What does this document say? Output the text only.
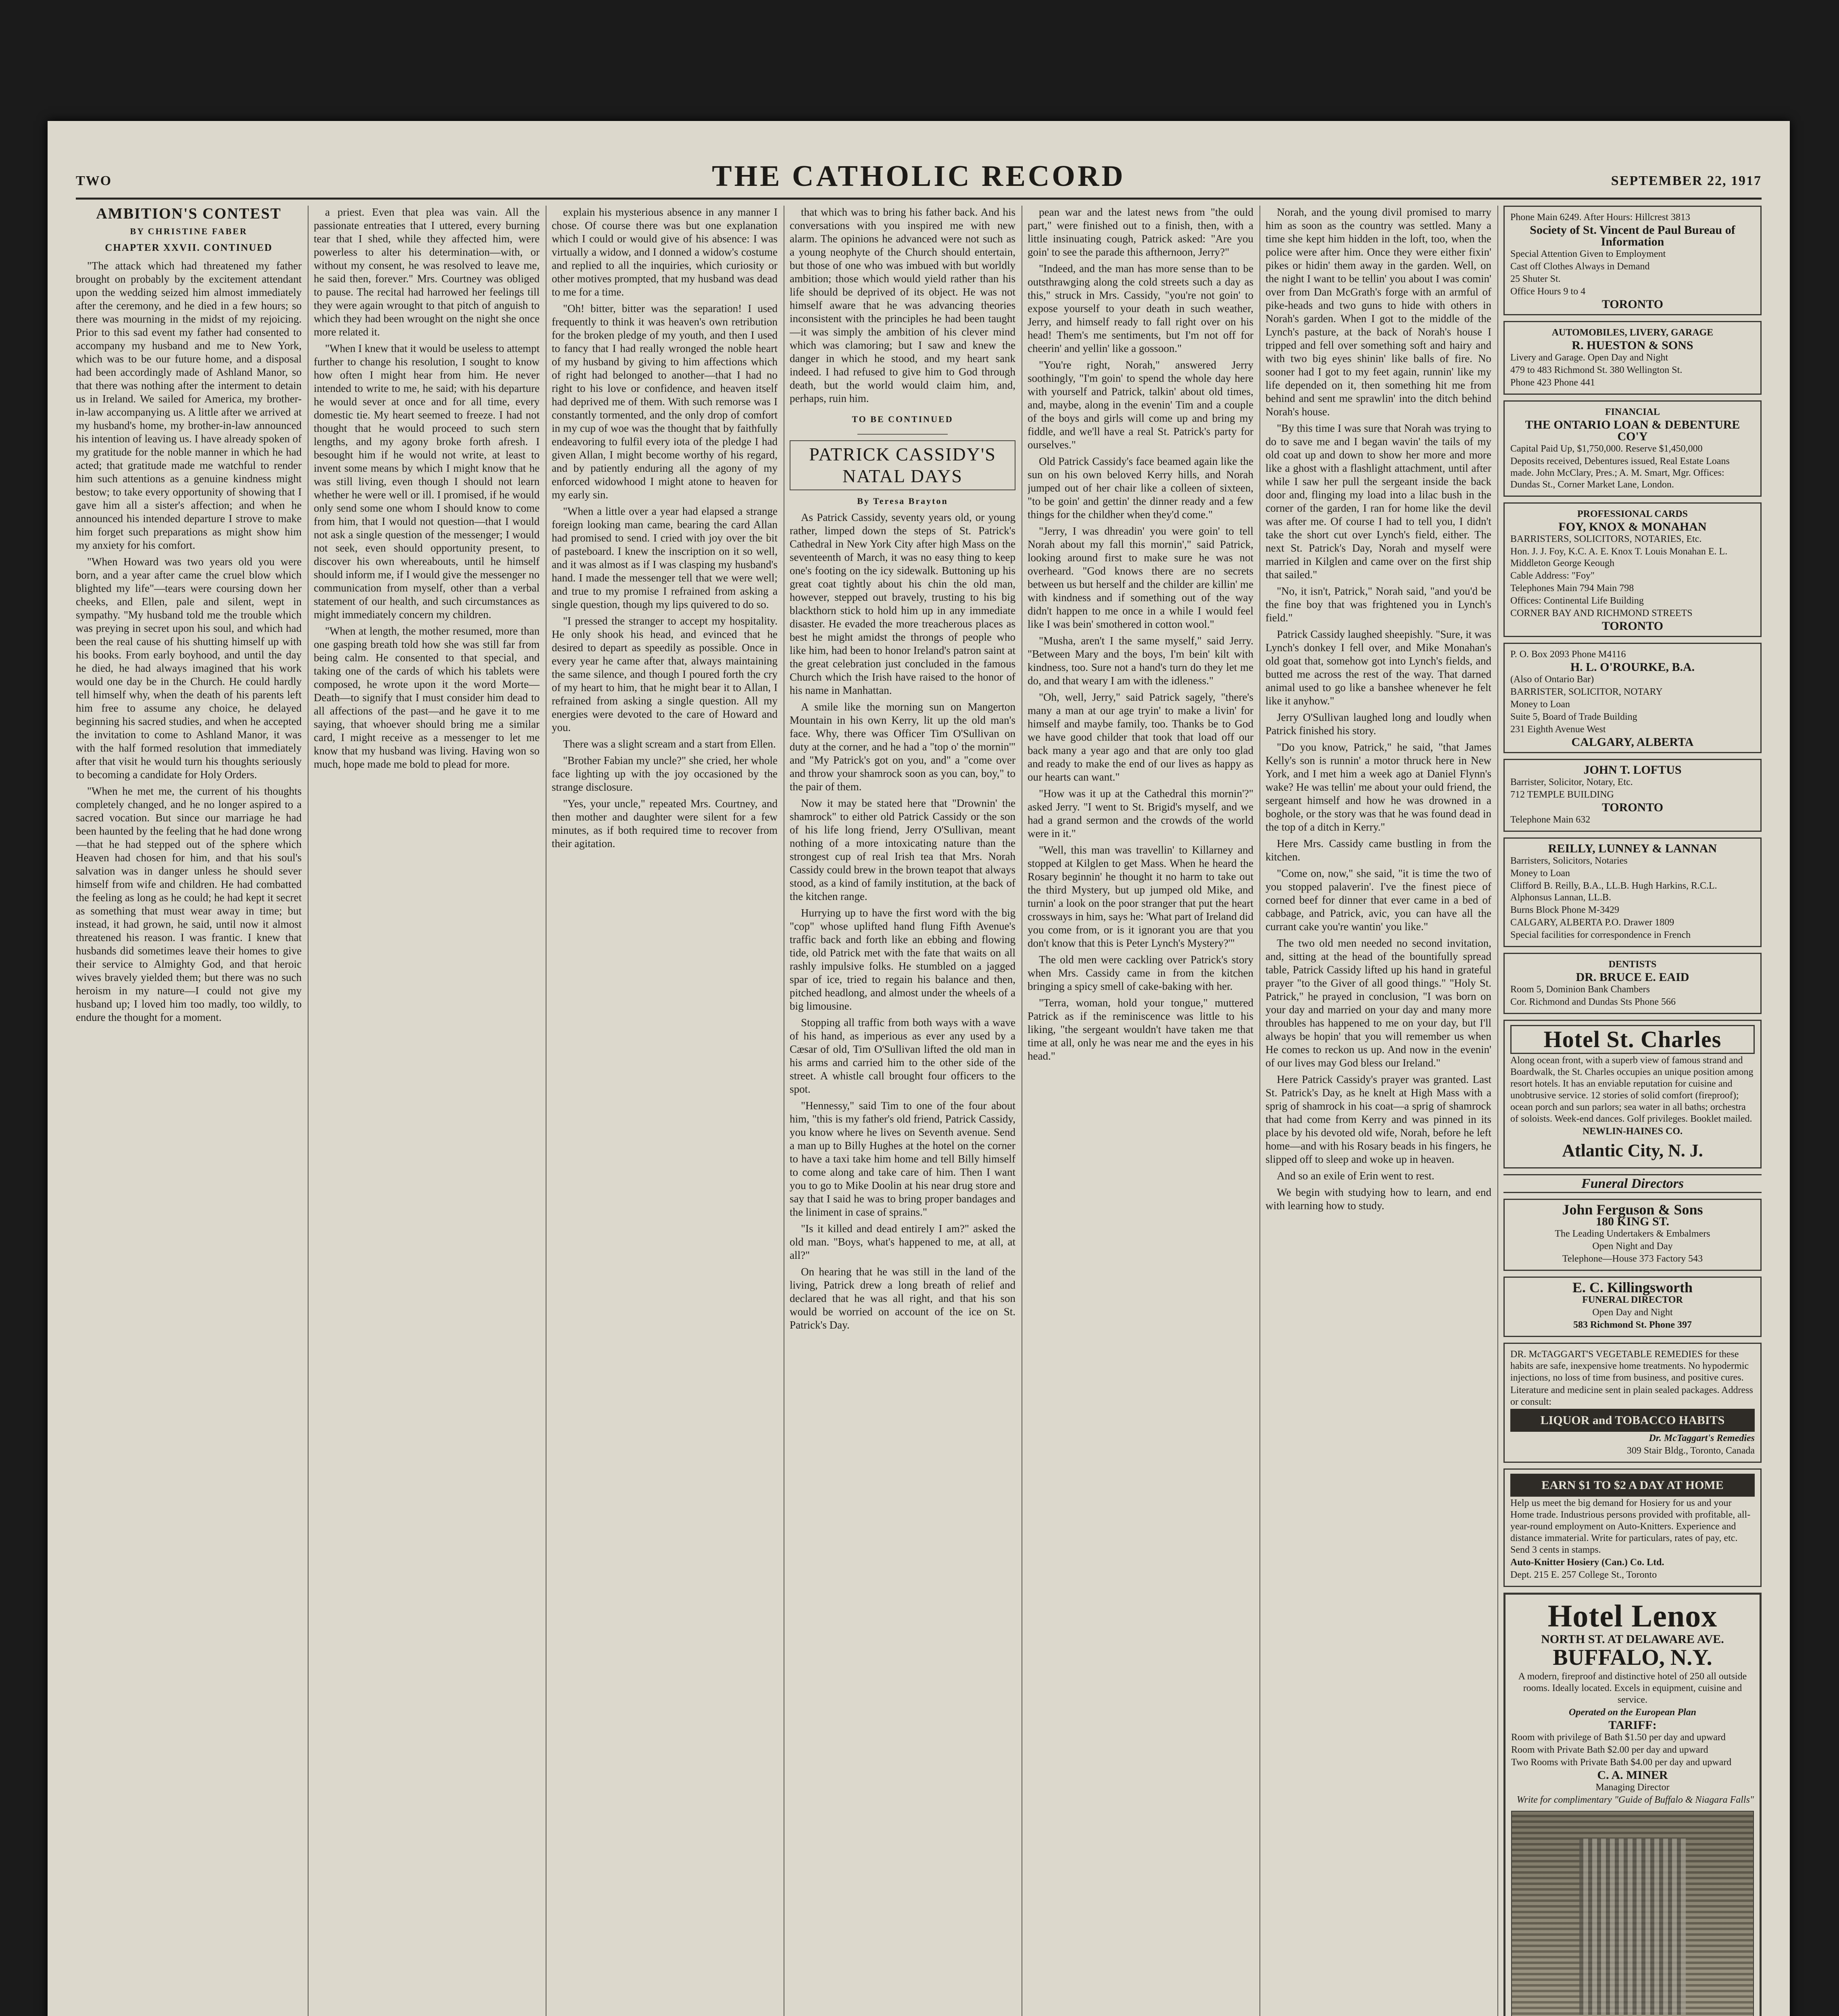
TWO	THE CATHOLIC RECORD	SEPTEMBER 22, 1917
AMBITION'S CONTEST
BY CHRISTINE FABER
CHAPTER XXVII. CONTINUED

"The attack which had threatened my father brought on probably by the excitement attendant upon the wedding seized him almost immediately after the ceremony, and he died in a few hours; so there was mourning in the midst of my rejoicing. Prior to this sad event my father had consented to accompany my husband and me to New York, which was to be our future home, and a disposal had been accordingly made of Ashland Manor, so that there was nothing after the interment to detain us in Ireland. We sailed for America, my brother-in-law accompanying us. A little after we arrived at my husband's home, my brother-in-law announced his intention of leaving us. I have already spoken of my gratitude for the noble manner in which he had acted; that gratitude made me watchful to render him such attentions as a genuine kindness might bestow; to take every opportunity of showing that I gave him all a sister's affection; and when he announced his intended departure I strove to make him forget such preparations as might show him my anxiety for his comfort.

"When Howard was two years old you were born, and a year after came the cruel blow which blighted my life"—tears were coursing down her cheeks, and Ellen, pale and silent, wept in sympathy. "My husband told me the trouble which was preying in secret upon his soul, and which had been the real cause of his shutting himself up with his books. From early boyhood, and until the day he died, he had always imagined that his work would one day be in the Church. He could hardly tell himself why, when the death of his parents left him free to assume any choice, he delayed beginning his sacred studies, and when he accepted the invitation to come to Ashland Manor, it was with the half formed resolution that immediately after that visit he would turn his thoughts seriously to becoming a candidate for Holy Orders.

"When he met me, the current of his thoughts completely changed, and he no longer aspired to a sacred vocation. But since our marriage he had been haunted by the feeling that he had done wrong—that he had stepped out of the sphere which Heaven had chosen for him, and that his soul's salvation was in danger unless he should sever himself from wife and children. He had combatted the feeling as long as he could; he had kept it secret as something that must wear away in time; but instead, it had grown, he said, until now it almost threatened his reason. I was frantic. I knew that husbands did sometimes leave their homes to give their service to Almighty God, and that heroic wives bravely yielded them; but there was no such heroism in my nature—I could not give my husband up; I loved him too madly, too wildly, to endure the thought for a moment.

a priest. Even that plea was vain. All the passionate entreaties that I uttered, every burning tear that I shed, while they affected him, were powerless to alter his determination—with, or without my consent, he was resolved to leave me, he said then, forever." Mrs. Courtney was obliged to pause. The recital had harrowed her feelings till they were again wrought to that pitch of anguish to which they had been wrought on the night she once more related it.

"When I knew that it would be useless to attempt further to change his resolution, I sought to know how often I might hear from him. He never intended to write to me, he said; with his departure he would sever at once and for all time, every domestic tie. My heart seemed to freeze. I had not thought that he would proceed to such stern lengths, and my agony broke forth afresh. I besought him if he would not write, at least to invent some means by which I might know that he was still living, even though I should not learn whether he were well or ill. I promised, if he would only send some one whom I should know to come from him, that I would not question—that I would not ask a single question of the messenger; I would not seek, even should opportunity present, to discover his own whereabouts, until he himself should inform me, if I would give the messenger no communication from myself, other than a verbal statement of our health, and such circumstances as might immediately concern my children.

"When at length, the mother resumed, more than one gasping breath told how she was still far from being calm. He consented to that special, and taking one of the cards of which his tablets were composed, he wrote upon it the word Morte—Death—to signify that I must consider him dead to all affections of the past—and he gave it to me saying, that whoever should bring me a similar card, I might receive as a messenger to let me know that my husband was living. Having won so much, hope made me bold to plead for more.

explain his mysterious absence in any manner I chose. Of course there was but one explanation which I could or would give of his absence: I was virtually a widow, and I donned a widow's costume and replied to all the inquiries, which curiosity or other motives prompted, that my husband was dead to me for a time.

"Oh! bitter, bitter was the separation! I used frequently to think it was heaven's own retribution for the broken pledge of my youth, and then I used to fancy that I had really wronged the noble heart of my husband by giving to him affections which of right had belonged to another—that I had no right to his love or confidence, and heaven itself had deprived me of them. With such remorse was I constantly tormented, and the only drop of comfort in my cup of woe was the thought that by faithfully endeavoring to fulfil every iota of the pledge I had given Allan, I might become worthy of his regard, and by patiently enduring all the agony of my enforced widowhood I might atone to heaven for my early sin.

"When a little over a year had elapsed a strange foreign looking man came, bearing the card Allan had promised to send. I cried with joy over the bit of pasteboard. I knew the inscription on it so well, and it was almost as if I was clasping my husband's hand. I made the messenger tell that we were well; and true to my promise I refrained from asking a single question, though my lips quivered to do so.

"I pressed the stranger to accept my hospitality. He only shook his head, and evinced that he desired to depart as speedily as possible. Once in every year he came after that, always maintaining the same silence, and though I poured forth the cry of my heart to him, that he might bear it to Allan, I refrained from asking a single question. All my energies were devoted to the care of Howard and you.

There was a slight scream and a start from Ellen.

"Brother Fabian my uncle?" she cried, her whole face lighting up with the joy occasioned by the strange disclosure.

"Yes, your uncle," repeated Mrs. Courtney, and then mother and daughter were silent for a few minutes, as if both required time to recover from their agitation.

that which was to bring his father back. And his conversations with you inspired me with new alarm. The opinions he advanced were not such as a young neophyte of the Church should entertain, but those of one who was imbued with but worldly ambition; those which would yield rather than his life should be deprived of its object. He was not himself aware that he was advancing theories inconsistent with the principles he had been taught—it was simply the ambition of his clever mind which was clamoring; but I saw and knew the danger in which he stood, and my heart sank indeed. I had refused to give him to God through death, but the world would claim him, and, perhaps, ruin him.

TO BE CONTINUED
PATRICK CASSIDY'S NATAL DAYS
By Teresa Brayton

As Patrick Cassidy, seventy years old, or young rather, limped down the steps of St. Patrick's Cathedral in New York City after high Mass on the seventeenth of March, it was no easy thing to keep one's footing on the icy sidewalk. Buttoning up his great coat tightly about his chin the old man, however, stepped out bravely, trusting to his big blackthorn stick to hold him up in any immediate disaster. He evaded the more treacherous places as best he might amidst the throngs of people who like him, had been to honor Ireland's patron saint at the great celebration just concluded in the famous Church which the Irish have raised to the honor of his name in Manhattan.

A smile like the morning sun on Mangerton Mountain in his own Kerry, lit up the old man's face. Why, there was Officer Tim O'Sullivan on duty at the corner, and he had a "top o' the mornin'" and "My Patrick's got on you, and" a "come over and throw your shamrock soon as you can, boy," to the pair of them.

Now it may be stated here that "Drownin' the shamrock" to either old Patrick Cassidy or the son of his life long friend, Jerry O'Sullivan, meant nothing of a more intoxicating nature than the strongest cup of real Irish tea that Mrs. Norah Cassidy could brew in the brown teapot that always stood, as a kind of family institution, at the back of the kitchen range.

Hurrying up to have the first word with the big "cop" whose uplifted hand flung Fifth Avenue's traffic back and forth like an ebbing and flowing tide, old Patrick met with the fate that waits on all rashly impulsive folks. He stumbled on a jagged spar of ice, tried to regain his balance and then, pitched headlong, and almost under the wheels of a big limousine.

Stopping all traffic from both ways with a wave of his hand, as imperious as ever any used by a Cæsar of old, Tim O'Sullivan lifted the old man in his arms and carried him to the other side of the street. A whistle call brought four officers to the spot.

"Hennessy," said Tim to one of the four about him, "this is my father's old friend, Patrick Cassidy, you know where he lives on Seventh avenue. Send a man up to Billy Hughes at the hotel on the corner to have a taxi take him home and tell Billy himself to come along and take care of him. Then I want you to go to Mike Doolin at his near drug store and say that I said he was to bring proper bandages and the liniment in case of sprains."

"Is it killed and dead entirely I am?" asked the old man. "Boys, what's happened to me, at all, at all?"

On hearing that he was still in the land of the living, Patrick drew a long breath of relief and declared that he was all right, and that his son would be worried on account of the ice on St. Patrick's Day.

pean war and the latest news from "the ould part," were finished out to a finish, then, with a little insinuating cough, Patrick asked: "Are you goin' to see the parade this afthernoon, Jerry?"

"Indeed, and the man has more sense than to be outsthrawging along the cold streets such a day as this," struck in Mrs. Cassidy, "you're not goin' to expose yourself to your death in such weather, Jerry, and himself ready to fall right over on his head! Them's me sentiments, but I'm not off for cheerin' and yellin' like a gossoon."

"You're right, Norah," answered Jerry soothingly, "I'm goin' to spend the whole day here with yourself and Patrick, talkin' about old times, and, maybe, along in the evenin' Tim and a couple of the boys and girls will come up and bring my fiddle, and we'll have a real St. Patrick's party for ourselves."

Old Patrick Cassidy's face beamed again like the sun on his own beloved Kerry hills, and Norah jumped out of her chair like a colleen of sixteen, "to be goin' and gettin' the dinner ready and a few things for the childher when they'd come."

"Jerry, I was dhreadin' you were goin' to tell Norah about my fall this mornin'," said Patrick, looking around first to make sure he was not overheard. "God knows there are no secrets between us but herself and the childer are killin' me with kindness and if something out of the way didn't happen to me once in a while I would feel like I was bein' smothered in cotton wool."

"Musha, aren't I the same myself," said Jerry. "Between Mary and the boys, I'm bein' kilt with kindness, too. Sure not a hand's turn do they let me do, and that weary I am with the idleness."

"Oh, well, Jerry," said Patrick sagely, "there's many a man at our age tryin' to make a livin' for himself and maybe family, too. Thanks be to God we have good childer that took that load off our back many a year ago and that are only too glad and ready to make the end of our lives as happy as our hearts can want."

"How was it up at the Cathedral this mornin'?" asked Jerry. "I went to St. Brigid's myself, and we had a grand sermon and the crowds of the world were in it."

"Well, this man was travellin' to Killarney and stopped at Kilglen to get Mass. When he heard the Rosary beginnin' he thought it no harm to take out the third Mystery, but up jumped old Mike, and turnin' a look on the poor stranger that put the heart crossways in him, says he: 'What part of Ireland did you come from, or is it ignorant you are that you don't know that this is Peter Lynch's Mystery?'"

The old men were cackling over Patrick's story when Mrs. Cassidy came in from the kitchen bringing a spicy smell of cake-baking with her.

"Terra, woman, hold your tongue," muttered Patrick as if the reminiscence was little to his liking, "the sergeant wouldn't have taken me that time at all, only he was near me and the eyes in his head."

Norah, and the young divil promised to marry him as soon as the country was settled. Many a time she kept him hidden in the loft, too, when the police were after him. Once they were either fixin' pikes or hidin' them away in the garden. Well, on the night I want to be tellin' you about I was comin' over from Dan McGrath's forge with an armful of pike-heads and two guns to hide with others in Norah's garden. When I got to the middle of the Lynch's pasture, at the back of Norah's house I tripped and fell over something soft and hairy and with two big eyes shinin' like balls of fire. No sooner had I got to my feet again, runnin' like my life depended on it, then something hit me from behind and sent me sprawlin' into the ditch behind Norah's house.

"By this time I was sure that Norah was trying to do to save me and I began wavin' the tails of my old coat up and down to show her more and more like a ghost with a flashlight attachment, until after while I saw her pull the sergeant inside the back door and, flinging my load into a lilac bush in the corner of the garden, I ran for home like the devil was after me. Of course I had to tell you, I didn't take the short cut over Lynch's field, either. The next St. Patrick's Day, Norah and myself were married in Kilglen and came over on the first ship that sailed."

"No, it isn't, Patrick," Norah said, "and you'd be the fine boy that was frightened you in Lynch's field."

Patrick Cassidy laughed sheepishly. "Sure, it was Lynch's donkey I fell over, and Mike Monahan's old goat that, somehow got into Lynch's fields, and butted me across the rest of the way. That darned animal used to go like a banshee whenever he felt like it anyhow."

Jerry O'Sullivan laughed long and loudly when Patrick finished his story.

"Do you know, Patrick," he said, "that James Kelly's son is runnin' a motor thruck here in New York, and I met him a week ago at Daniel Flynn's wake? He was tellin' me about your ould friend, the sergeant himself and how he was drowned in a boghole, or the story was that he was found dead in the top of a ditch in Kerry."

Here Mrs. Cassidy came bustling in from the kitchen.

"Come on, now," she said, "it is time the two of you stopped palaverin'. I've the finest piece of corned beef for dinner that ever came in a bed of cabbage, and Patrick, avic, you can have all the currant cake you're wantin' you like."

The two old men needed no second invitation, and, sitting at the head of the bountifully spread table, Patrick Cassidy lifted up his hand in grateful prayer "to the Giver of all good things." "Holy St. Patrick," he prayed in conclusion, "I was born on your day and married on your day and many more throubles has happened to me on your day, but I'll always be hopin' that you will remember us when He comes to reckon us up. And now in the evenin' of our lives may God bless our Ireland."

Here Patrick Cassidy's prayer was granted. Last St. Patrick's Day, as he knelt at High Mass with a sprig of shamrock in his coat—a sprig of shamrock that had come from Kerry and was pinned in its place by his devoted old wife, Norah, before he left home—and with his Rosary beads in his fingers, he slipped off to sleep and woke up in heaven.

And so an exile of Erin went to rest.

We begin with studying how to learn, and end with learning how to study.

Phone Main 6249. After Hours: Hillcrest 3813
Society of St. Vincent de Paul Bureau of Information
Special Attention Given to Employment
Cast off Clothes Always in Demand
25 Shuter St.
Office Hours 9 to 4
TORONTO
AUTOMOBILES, LIVERY, GARAGE
R. HUESTON & SONS
Livery and Garage. Open Day and Night
479 to 483 Richmond St. 380 Wellington St.
Phone 423 Phone 441
FINANCIAL
THE ONTARIO LOAN & DEBENTURE CO'Y
Capital Paid Up, $1,750,000. Reserve $1,450,000
Deposits received, Debentures issued, Real Estate Loans made. John McClary, Pres.; A. M. Smart, Mgr. Offices: Dundas St., Corner Market Lane, London.
PROFESSIONAL CARDS
FOY, KNOX & MONAHAN
BARRISTERS, SOLICITORS, NOTARIES, Etc.
Hon. J. J. Foy, K.C. A. E. Knox T. Louis Monahan E. L. Middleton George Keough
Cable Address: "Foy"
Telephones Main 794 Main 798
Offices: Continental Life Building
CORNER BAY AND RICHMOND STREETS
TORONTO
P. O. Box 2093 Phone M4116
H. L. O'ROURKE, B.A.
(Also of Ontario Bar)
BARRISTER, SOLICITOR, NOTARY
Money to Loan
Suite 5, Board of Trade Building
231 Eighth Avenue West
CALGARY, ALBERTA
JOHN T. LOFTUS
Barrister, Solicitor, Notary, Etc.
712 TEMPLE BUILDING
TORONTO
Telephone Main 632
REILLY, LUNNEY & LANNAN
Barristers, Solicitors, Notaries
Money to Loan
Clifford B. Reilly, B.A., LL.B. Hugh Harkins, R.C.L. Alphonsus Lannan, LL.B.
Burns Block Phone M-3429
CALGARY, ALBERTA P.O. Drawer 1809
Special facilities for correspondence in French
DENTISTS
DR. BRUCE E. EAID
Room 5, Dominion Bank Chambers
Cor. Richmond and Dundas Sts Phone 566
Hotel St. Charles
Along ocean front, with a superb view of famous strand and Boardwalk, the St. Charles occupies an unique position among resort hotels. It has an enviable reputation for cuisine and unobtrusive service. 12 stories of solid comfort (fireproof); ocean porch and sun parlors; sea water in all baths; orchestra of soloists. Week-end dances. Golf privileges. Booklet mailed.
NEWLIN-HAINES CO.
Atlantic City, N. J.
Funeral Directors
John Ferguson & Sons
180 KING ST.
The Leading Undertakers & Embalmers
Open Night and Day
Telephone—House 373 Factory 543
E. C. Killingsworth
FUNERAL DIRECTOR
Open Day and Night
583 Richmond St. Phone 397
DR. McTAGGART'S VEGETABLE REMEDIES for these habits are safe, inexpensive home treatments. No hypodermic injections, no loss of time from business, and positive cures.
Literature and medicine sent in plain sealed packages. Address or consult:
LIQUOR and TOBACCO HABITS
Dr. McTaggart's Remedies
309 Stair Bldg., Toronto, Canada
EARN $1 TO $2 A DAY AT HOME
Help us meet the big demand for Hosiery for us and your Home trade. Industrious persons provided with profitable, all-year-round employment on Auto-Knitters. Experience and distance immaterial. Write for particulars, rates of pay, etc. Send 3 cents in stamps.
Auto-Knitter Hosiery (Can.) Co. Ltd.
Dept. 215 E. 257 College St., Toronto
Hotel Lenox
NORTH ST. AT DELAWARE AVE.
BUFFALO, N.Y.
A modern, fireproof and distinctive hotel of 250 all outside rooms. Ideally located. Excels in equipment, cuisine and service.
Operated on the European Plan
TARIFF:
Room with privilege of Bath $1.50 per day and upward
Room with Private Bath $2.00 per day and upward
Two Rooms with Private Bath $4.00 per day and upward
C. A. MINER
Managing Director
Write for complimentary "Guide of Buffalo & Niagara Falls"
